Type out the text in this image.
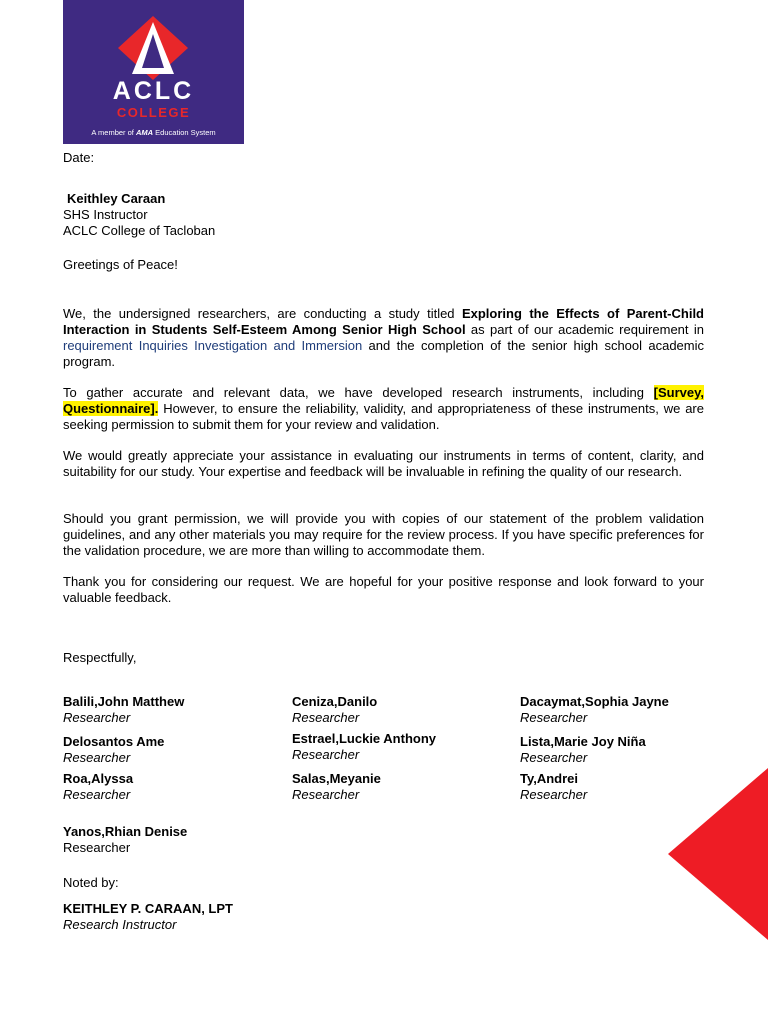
ACLC
COLLEGE
A member of AMA Education System
Date:
Keithley Caraan
SHS Instructor
ACLC College of Tacloban
Greetings of Peace!

We, the undersigned researchers, are conducting a study titled Exploring the Effects of Parent-Child Interaction in Students Self-Esteem Among Senior High School as part of our academic requirement in requirement Inquiries Investigation and Immersion and the completion of the senior high school academic program.

To gather accurate and relevant data, we have developed research instruments, including [Survey, Questionnaire]. However, to ensure the reliability, validity, and appropriateness of these instruments, we are seeking permission to submit them for your review and validation.

We would greatly appreciate your assistance in evaluating our instruments in terms of content, clarity, and suitability for our study. Your expertise and feedback will be invaluable in refining the quality of our research.

Should you grant permission, we will provide you with copies of our statement of the problem validation guidelines, and any other materials you may require for the review process. If you have specific preferences for the validation procedure, we are more than willing to accommodate them.

Thank you for considering our request. We are hopeful for your positive response and look forward to your valuable feedback.

Respectfully,
Balili,John Matthew
Researcher
Ceniza,Danilo
Researcher
Dacaymat,Sophia Jayne
Researcher
Delosantos Ame
Researcher
Estrael,Luckie Anthony
Researcher
Lista,Marie Joy Niña
Researcher
Roa,Alyssa
Researcher
Salas,Meyanie
Researcher
Ty,Andrei
Researcher
Yanos,Rhian Denise
Researcher
Noted by:
KEITHLEY P. CARAAN, LPT
Research Instructor
